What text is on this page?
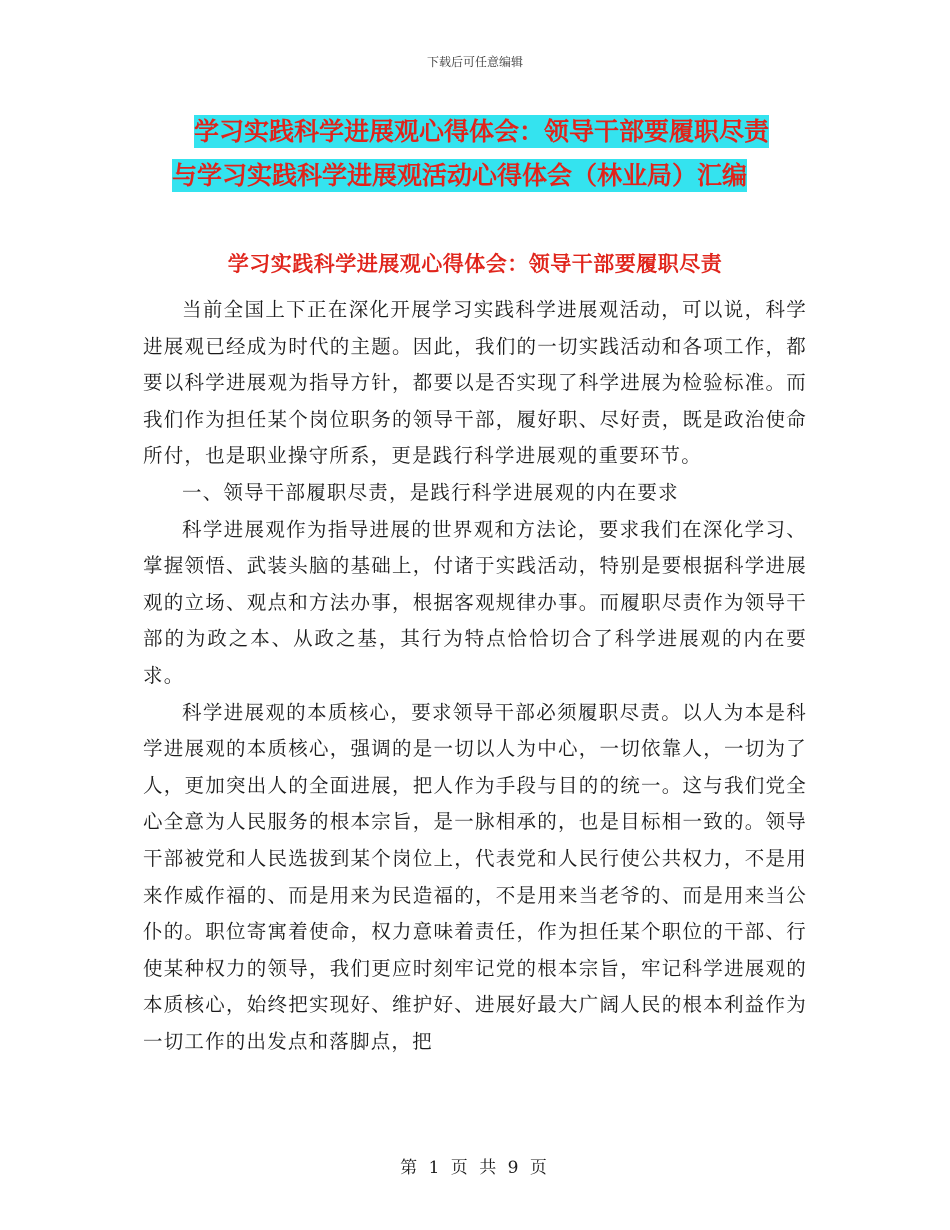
下载后可任意编辑
学习实践科学进展观心得体会：领导干部要履职尽责
与学习实践科学进展观活动心得体会（林业局）汇编
学习实践科学进展观心得体会：领导干部要履职尽责

当前全国上下正在深化开展学习实践科学进展观活动，可以说，科学进展观已经成为时代的主题。因此，我们的一切实践活动和各项工作，都要以科学进展观为指导方针，都要以是否实现了科学进展为检验标准。而我们作为担任某个岗位职务的领导干部，履好职、尽好责，既是政治使命所付，也是职业操守所系，更是践行科学进展观的重要环节。

一、领导干部履职尽责，是践行科学进展观的内在要求

科学进展观作为指导进展的世界观和方法论，要求我们在深化学习、掌握领悟、武装头脑的基础上，付诸于实践活动，特别是要根据科学进展观的立场、观点和方法办事，根据客观规律办事。而履职尽责作为领导干部的为政之本、从政之基，其行为特点恰恰切合了科学进展观的内在要求。

科学进展观的本质核心，要求领导干部必须履职尽责。以人为本是科学进展观的本质核心，强调的是一切以人为中心，一切依靠人，一切为了人，更加突出人的全面进展，把人作为手段与目的的统一。这与我们党全心全意为人民服务的根本宗旨，是一脉相承的，也是目标相一致的。领导干部被党和人民选拔到某个岗位上，代表党和人民行使公共权力，不是用来作威作福的、而是用来为民造福的，不是用来当老爷的、而是用来当公仆的。职位寄寓着使命，权力意味着责任，作为担任某个职位的干部、行使某种权力的领导，我们更应时刻牢记党的根本宗旨，牢记科学进展观的本质核心，始终把实现好、维护好、进展好最大广阔人民的根本利益作为一切工作的出发点和落脚点，把

第 1 页 共 9 页
